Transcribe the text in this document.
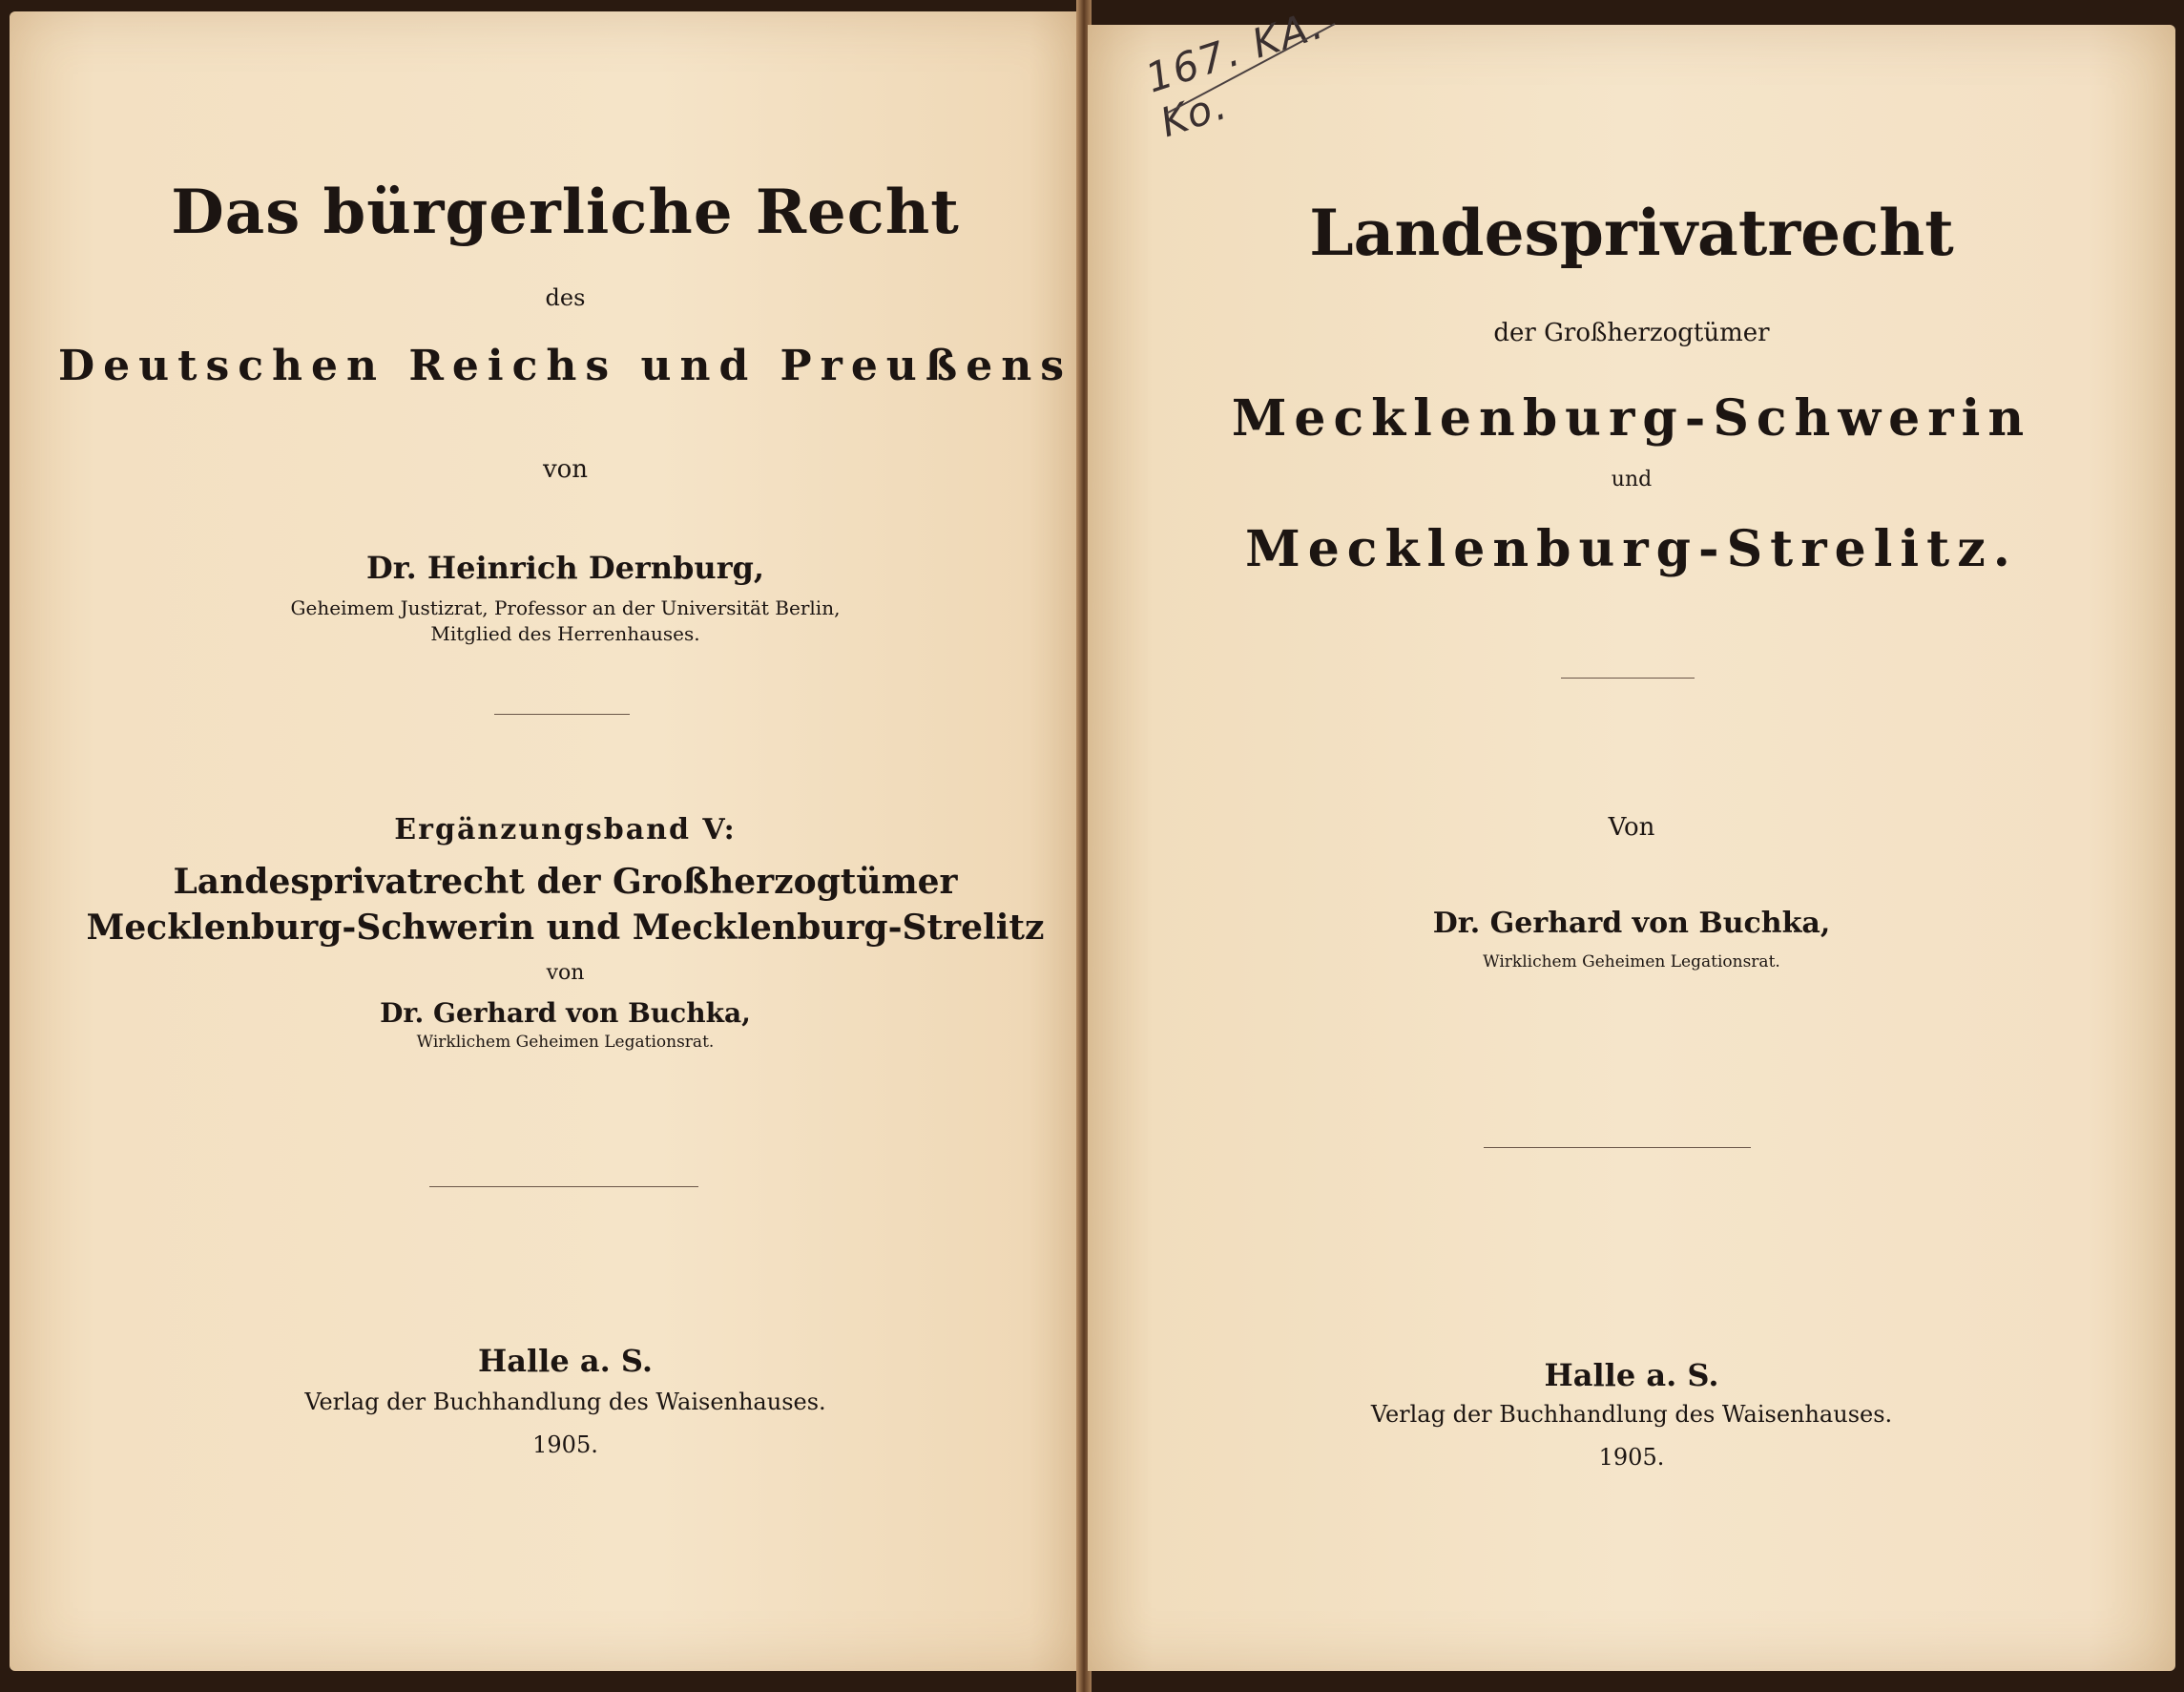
Das bürgerliche Recht
des
Deutschen Reichs und Preußens
von
Dr. Heinrich Dernburg,
Geheimem Justizrat, Professor an der Universität Berlin,
Mitglied des Herrenhauses.
Ergänzungsband V:
Landesprivatrecht der Großherzogtümer
Mecklenburg-Schwerin und Mecklenburg-Strelitz
von
Dr. Gerhard von Buchka,
Wirklichem Geheimen Legationsrat.
Halle a. S.
Verlag der Buchhandlung des Waisenhauses.
1905.
167. KA. Ko.
Landesprivatrecht
der Großherzogtümer
Mecklenburg-Schwerin
und
Mecklenburg-Strelitz.
Von
Dr. Gerhard von Buchka,
Wirklichem Geheimen Legationsrat.
Halle a. S.
Verlag der Buchhandlung des Waisenhauses.
1905.
